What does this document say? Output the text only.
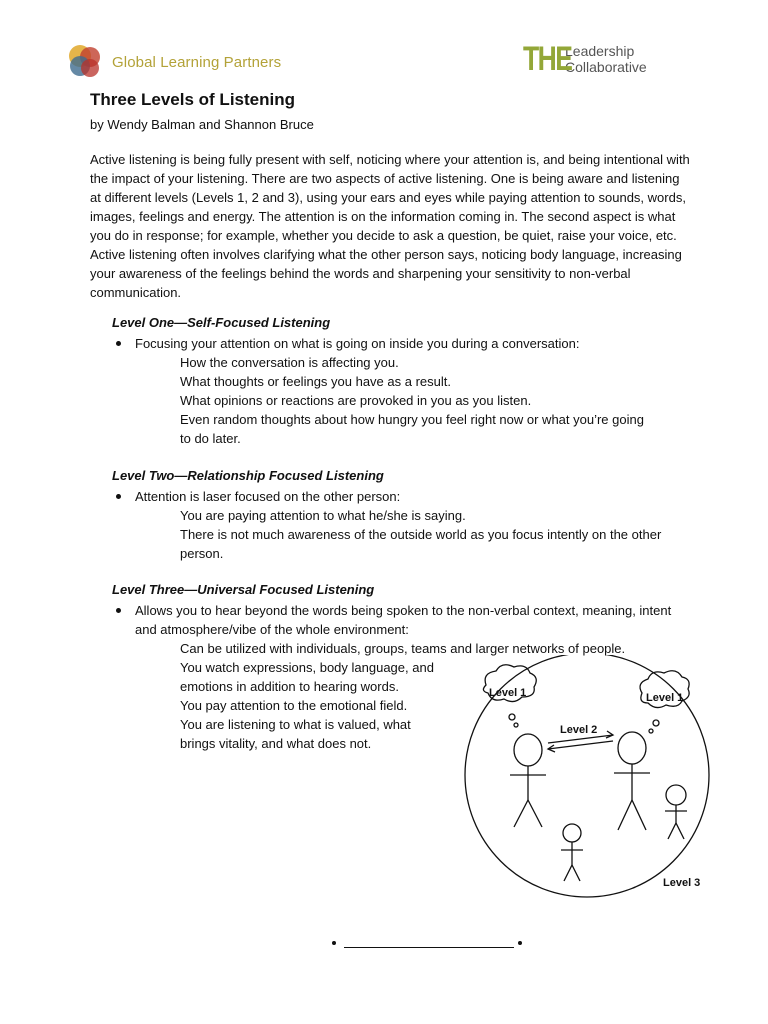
Global Learning Partners	THE
Leadership
Collaborative
Three Levels of Listening
by Wendy Balman and Shannon Bruce
Active listening is being fully present with self, noticing where your attention is, and being intentional with the impact of your listening. There are two aspects of active listening. One is being aware and listening at different levels (Levels 1, 2 and 3), using your ears and eyes while paying attention to sounds, words, images, feelings and energy. The attention is on the information coming in. The second aspect is what you do in response; for example, whether you decide to ask a question, be quiet, raise your voice, etc. Active listening often involves clarifying what the other person says, noticing body language, increasing your awareness of the feelings behind the words and sharpening your sensitivity to non-verbal communication.
Level One—Self-Focused Listening
Focusing your attention on what is going on inside you during a conversation:
How the conversation is affecting you.
What thoughts or feelings you have as a result.
What opinions or reactions are provoked in you as you listen.
Even random thoughts about how hungry you feel right now or what you’re going to do later.
Level Two—Relationship Focused Listening
Attention is laser focused on the other person:
You are paying attention to what he/she is saying.
There is not much awareness of the outside world as you focus intently on the other person.
Level Three—Universal Focused Listening
Allows you to hear beyond the words being spoken to the non-verbal context, meaning, intent and atmosphere/vibe of the whole environment:
Can be utilized with individuals, groups, teams and larger networks of people.
You watch expressions, body language, and emotions in addition to hearing words.
You pay attention to the emotional field.
You are listening to what is valued, what brings vitality, and what does not.
Level 1	Level 1
Level 2
Level 3
